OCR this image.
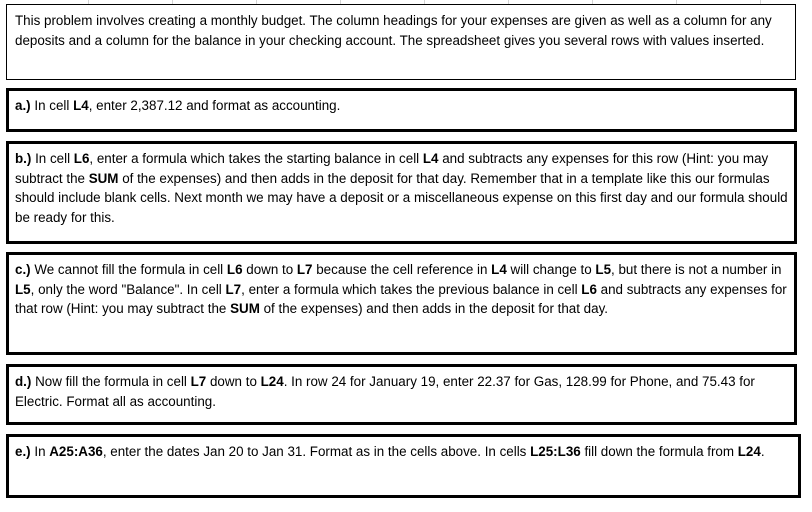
This problem involves creating a monthly budget. The column headings for your expenses are given as well as a column for any deposits and a column for the balance in your checking account. The spreadsheet gives you several rows with values inserted.
a.) In cell L4, enter 2,387.12 and format as accounting.
b.) In cell L6, enter a formula which takes the starting balance in cell L4 and subtracts any expenses for this row (Hint: you may subtract the SUM of the expenses) and then adds in the deposit for that day. Remember that in a template like this our formulas should include blank cells. Next month we may have a deposit or a miscellaneous expense on this first day and our formula should be ready for this.
c.) We cannot fill the formula in cell L6 down to L7 because the cell reference in L4 will change to L5, but there is not a number in L5, only the word "Balance". In cell L7, enter a formula which takes the previous balance in cell L6 and subtracts any expenses for that row (Hint: you may subtract the SUM of the expenses) and then adds in the deposit for that day.
d.) Now fill the formula in cell L7 down to L24. In row 24 for January 19, enter 22.37 for Gas, 128.99 for Phone, and 75.43 for Electric. Format all as accounting.
e.) In A25:A36, enter the dates Jan 20 to Jan 31. Format as in the cells above. In cells L25:L36 fill down the formula from L24.
